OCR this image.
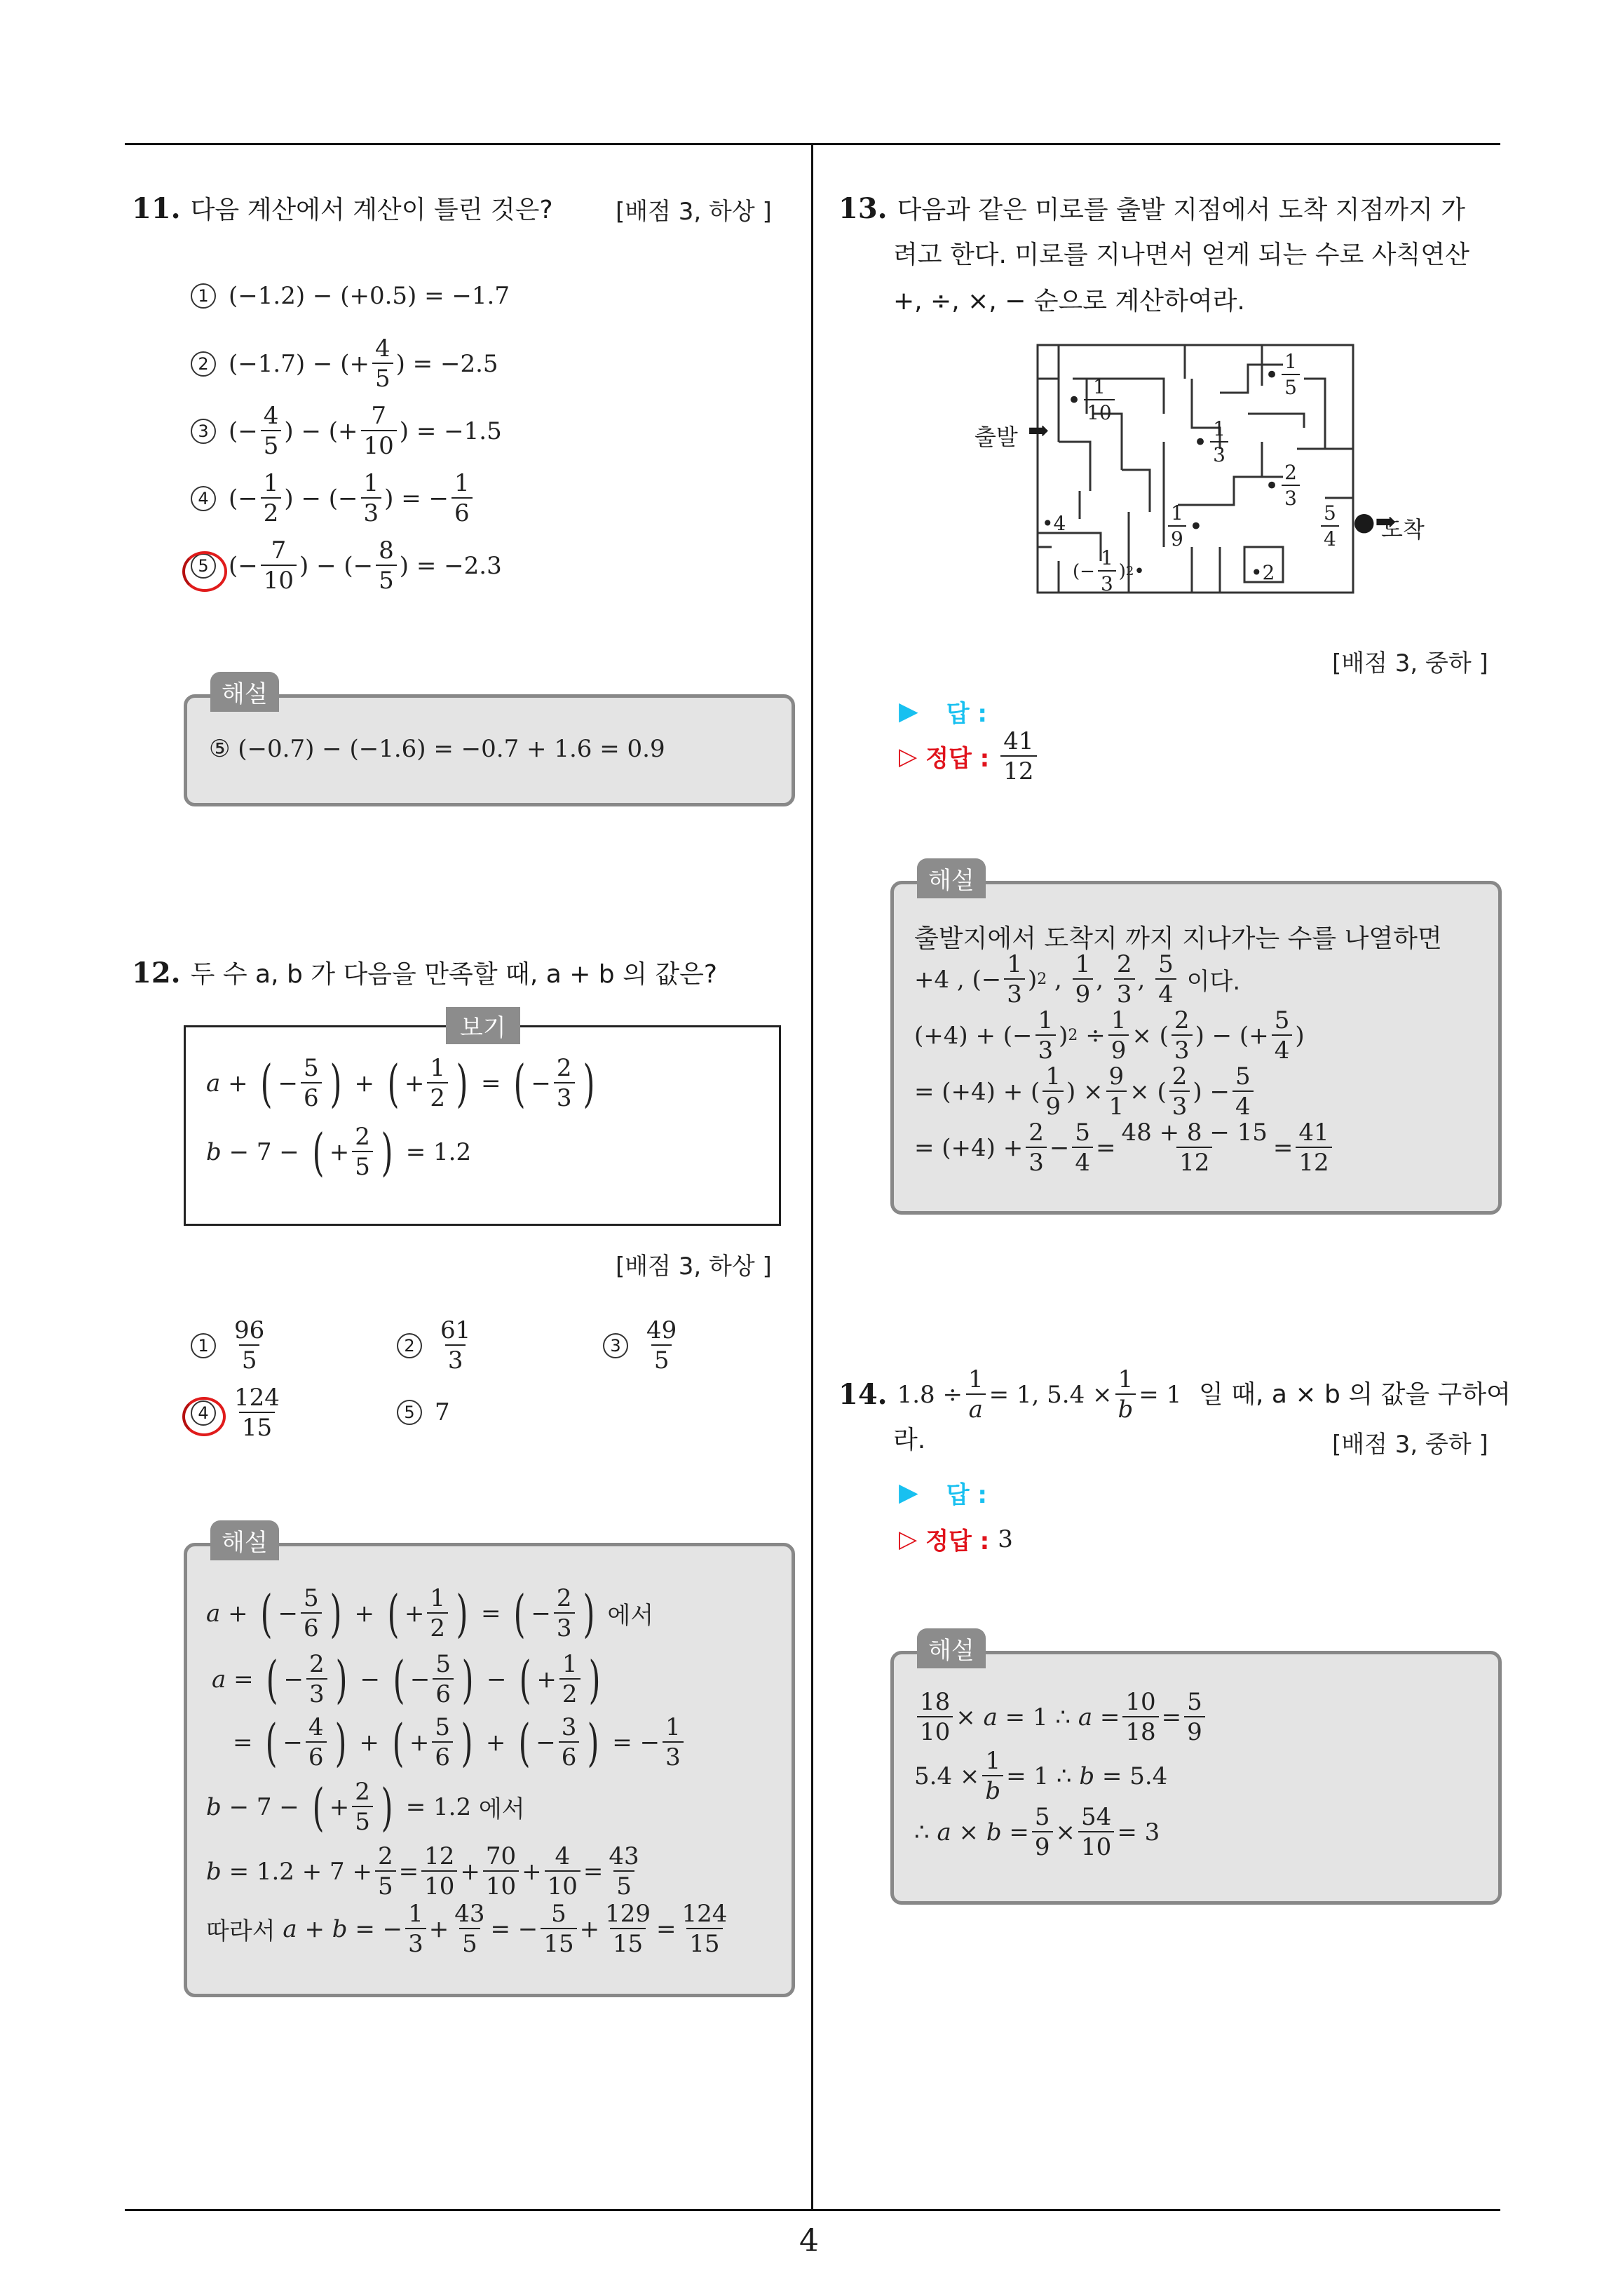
4
11. 다음 계산에서 계산이 틀린 것은?	[배점 3, 하상 ]
1 (−1.2) − (+0.5) = −1.7
2 (−1.7) − (+ $\frac{4}{5}$ ) = −2.5
3 (− $\frac{4}{5}$ ) − (+ $\frac{7}{10}$ ) = −1.5
4 (− $\frac{1}{2}$ ) − (− $\frac{1}{3}$ ) = − $\frac{1}{6}$
5 (− $\frac{7}{10}$ ) − (− $\frac{8}{5}$ ) = −2.3
해설
⑤ (−0.7) − (−1.6) = −0.7 + 1.6 = 0.9
12. 두 수 a, b 가 다음을 만족할 때, a + b 의 값은?
보기
a + ( − $\frac{5}{6}$ ) + ( + $\frac{1}{2}$ ) = ( − $\frac{2}{3}$ )
b − 7 − ( + $\frac{2}{5}$ ) = 1.2
[배점 3, 하상 ]
$1 \frac{96}{5}$	$2 \frac{61}{3}$	$3 \frac{49}{5}$
$4 \frac{124}{15}$	5 7
해설
a + ( − $\frac{5}{6}$ ) + ( + $\frac{1}{2}$ ) = ( − $\frac{2}{3}$ )
에서
a = ( − $\frac{2}{3}$ ) − ( − $\frac{5}{6}$ ) − ( + $\frac{1}{2}$ )
= ( − $\frac{4}{6}$ ) + ( + $\frac{5}{6}$ ) + ( − $\frac{3}{6}$ ) = − $\frac{1}{3}$
b − 7 − ( + $\frac{2}{5}$ ) = 1.2 에서
$b = 1.2 + 7 + \frac{2}{5} = \frac{12}{10} + \frac{70}{10} + \frac{4}{10} = \frac{43}{5}$
따라서
a + b = − $\frac{1}{3} + \frac{43}{5}$ = − $\frac{5}{15} + \frac{129}{15} = \frac{124}{15}$
13. 다음과 같은 미로를 출발 지점에서 도착 지점까지 가
려고 한다. 미로를 지나면서 얻게 되는 수로 사칙연산
+, ÷, ×, − 순으로 계산하여라.
출발 ➡
도착
●➡
• $\frac{1}{10}$
• $\frac{1}{5}$
• $\frac{1}{3}$
• $\frac{2}{3}$
•4	$\frac{1}{9}$ •	$\frac{5}{4}$
(− $\frac{1}{3}$ ) 2 •	•2
[배점 3, 중하 ]
▶ 답 :
▷ 정답 : $\frac{41}{12}$
해설
출발지에서 도착지 까지 지나가는 수를 나열하면
+4 , (− $\frac{1}{3}$ ) 2 , $\frac{1}{9}$ , $\frac{2}{3}$ , $\frac{5}{4}$
이다.
(+4) + (− $\frac{1}{3}$ ) $2 \div \frac{1}{9}$ × ( $\frac{2}{3}$ ) − (+ $\frac{5}{4}$ )
= (+4) + ( $\frac{1}{9}$ ) × $\frac{9}{1}$ × ( $\frac{2}{3}$ ) − $\frac{5}{4}$
= $(+4) + \frac{2}{3} - \frac{5}{4} = \frac{48 + 8 - 15}{12} = \frac{41}{12}$
14. $1.8 \div \frac{1}{a} = 1$, $5.4 \times \frac{1}{b} = 1$ 일 때, a × b 의 값을 구하여
라.	[배점 3, 중하 ]
▶ 답 :
▷ 정답 : 3
해설
$\frac{18}{10} \times a = 1$ ∴ $a = \frac{10}{18} = \frac{5}{9}$
$5.4 \times \frac{1}{b} = 1$ ∴ b = 5.4
∴ $a \times b = \frac{5}{9} \times \frac{54}{10} = 3$
